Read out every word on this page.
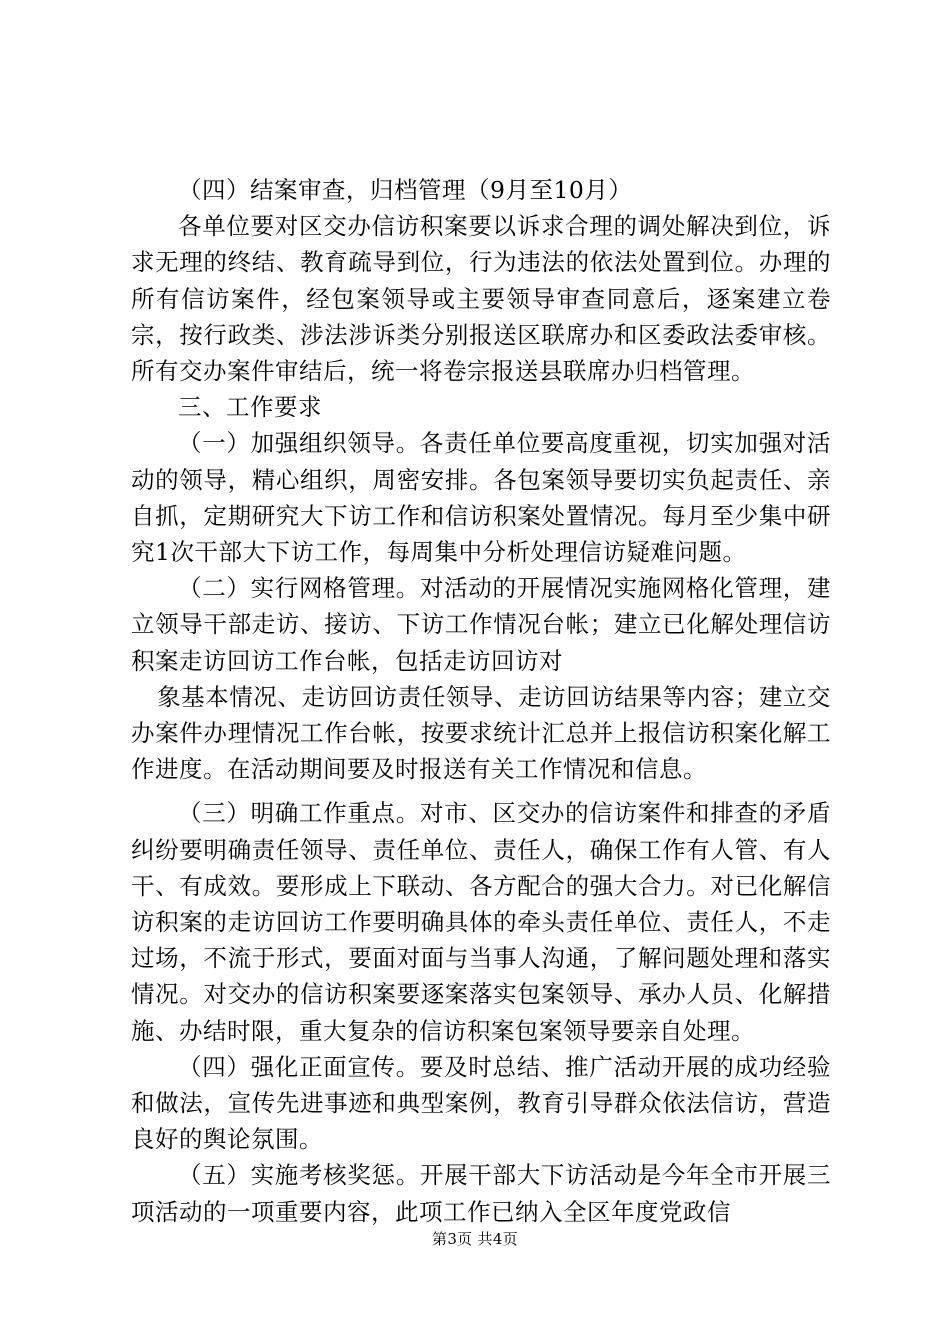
（四）结案审查，归档管理（9月至10月）

各单位要对区交办信访积案要以诉求合理的调处解决到位，诉求无理的终结、教育疏导到位，行为违法的依法处置到位。办理的所有信访案件，经包案领导或主要领导审查同意后，逐案建立卷宗，按行政类、涉法涉诉类分别报送区联席办和区委政法委审核。所有交办案件审结后，统一将卷宗报送县联席办归档管理。

三、工作要求

（一）加强组织领导。各责任单位要高度重视，切实加强对活动的领导，精心组织，周密安排。各包案领导要切实负起责任、亲自抓，定期研究大下访工作和信访积案处置情况。每月至少集中研究1次干部大下访工作，每周集中分析处理信访疑难问题。

（二）实行网格管理。对活动的开展情况实施网格化管理，建立领导干部走访、接访、下访工作情况台帐；建立已化解处理信访积案走访回访工作台帐，包括走访回访对

象基本情况、走访回访责任领导、走访回访结果等内容；建立交办案件办理情况工作台帐，按要求统计汇总并上报信访积案化解工作进度。在活动期间要及时报送有关工作情况和信息。

（三）明确工作重点。对市、区交办的信访案件和排查的矛盾纠纷要明确责任领导、责任单位、责任人，确保工作有人管、有人干、有成效。要形成上下联动、各方配合的强大合力。对已化解信访积案的走访回访工作要明确具体的牵头责任单位、责任人，不走过场，不流于形式，要面对面与当事人沟通，了解问题处理和落实情况。对交办的信访积案要逐案落实包案领导、承办人员、化解措施、办结时限，重大复杂的信访积案包案领导要亲自处理。

（四）强化正面宣传。要及时总结、推广活动开展的成功经验和做法，宣传先进事迹和典型案例，教育引导群众依法信访，营造良好的舆论氛围。

（五）实施考核奖惩。开展干部大下访活动是今年全市开展三项活动的一项重要内容，此项工作已纳入全区年度党政信

第3页 共4页
